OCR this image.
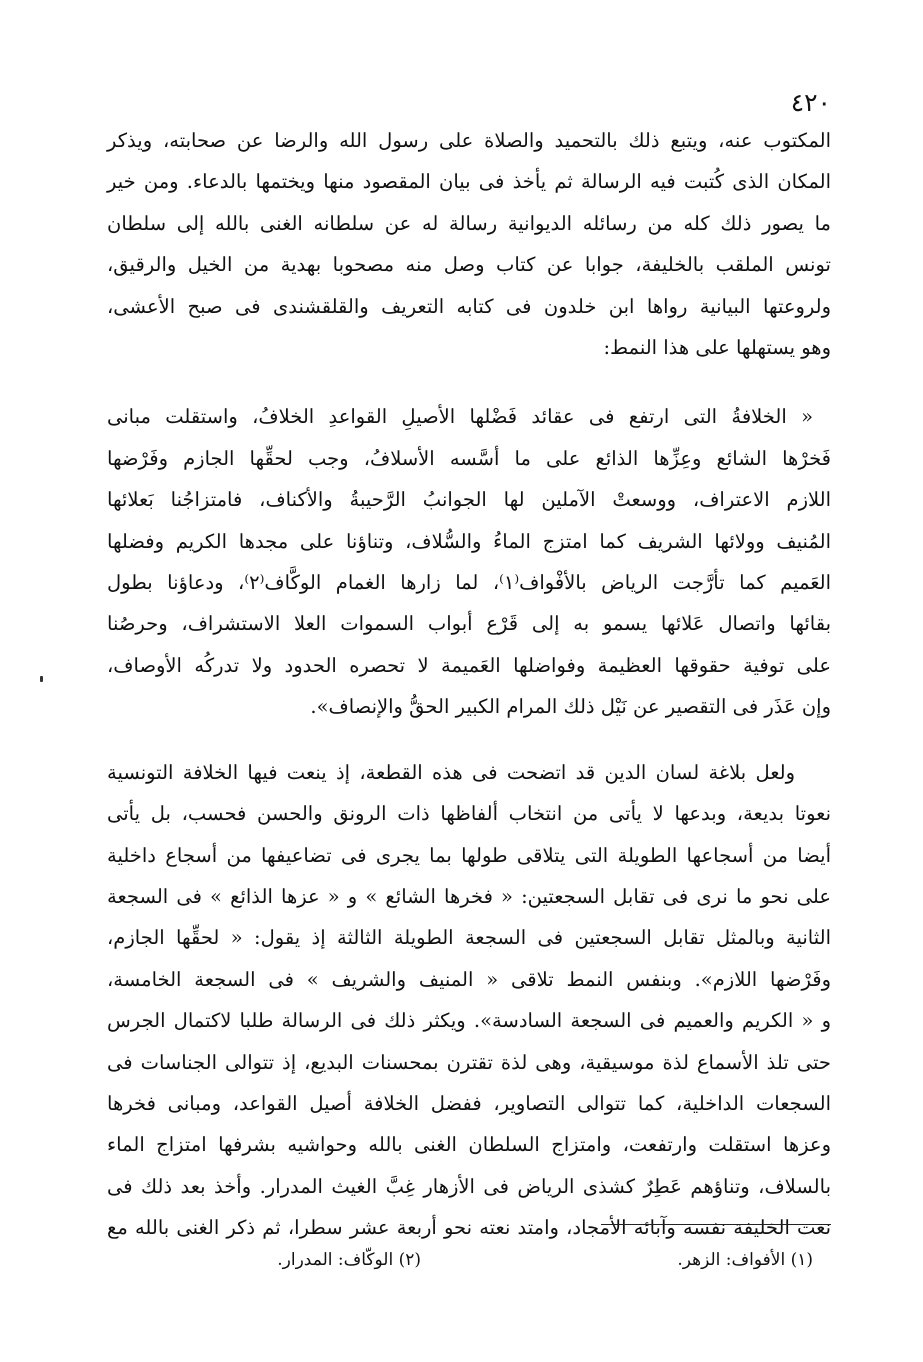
٤٢٠

المكتوب عنه، ويتبع ذلك بالتحميد والصلاة على رسول الله والرضا عن صحابته، ويذكر
المكان الذى كُتبت فيه الرسالة ثم يأخذ فى بيان المقصود منها ويختمها بالدعاء. ومن خير
ما يصور ذلك كله من رسائله الديوانية رسالة له عن سلطانه الغنى بالله إلى سلطان
تونس الملقب بالخليفة، جوابا عن كتاب وصل منه مصحوبا بهدية من الخيل والرقيق،
ولروعتها البيانية رواها ابن خلدون فى كتابه التعريف والقلقشندى فى صبح الأعشى،
وهو يستهلها على هذا النمط:

« الخلافةُ التى ارتفع فى عقائد فَضْلها الأصيلِ القواعدِ الخلافُ، واستقلت مبانى
فَخرْها الشائع وعِزِّها الذائع على ما أسَّسه الأسلافُ، وجب لحقِّها الجازم وفَرْضها
اللازم الاعتراف، ووسعتْ الآملين لها الجوانبُ الرَّحيبةُ والأكناف، فامتزاجُنا بَعلائها
المُنيف وولائها الشريف كما امتزج الماءُ والسُّلاف، وتناؤنا على مجدها الكريم وفضلها
العَميم كما تأرَّجت الرياض بالأفْواف⁽١⁾، لما زارها الغمام الوكَّاف⁽٢⁾، ودعاؤنا بطول
بقائها واتصال عَلائها يسمو به إلى قَرْع أبواب السموات العلا الاستشراف، وحرصُنا
على توفية حقوقها العظيمة وفواضلها العَميمة لا تحصره الحدود ولا تدركُه الأوصاف،
وإن عَذَر فى التقصير عن نَيْل ذلك المرام الكبير الحقُّ والإنصاف».

ولعل بلاغة لسان الدين قد اتضحت فى هذه القطعة، إذ ينعت فيها الخلافة التونسية
نعوتا بديعة، وبدعها لا يأتى من انتخاب ألفاظها ذات الرونق والحسن فحسب، بل يأتى
أيضا من أسجاعها الطويلة التى يتلاقى طولها بما يجرى فى تضاعيفها من أسجاع داخلية
على نحو ما نرى فى تقابل السجعتين: « فخرها الشائع » و « عزها الذائع » فى السجعة
الثانية وبالمثل تقابل السجعتين فى السجعة الطويلة الثالثة إذ يقول: « لحقِّها الجازم،
وفَرْضها اللازم». وبنفس النمط تلاقى « المنيف والشريف » فى السجعة الخامسة،
و « الكريم والعميم فى السجعة السادسة». ويكثر ذلك فى الرسالة طلبا لاكتمال الجرس
حتى تلذ الأسماع لذة موسيقية، وهى لذة تقترن بمحسنات البديع، إذ تتوالى الجناسات فى
السجعات الداخلية، كما تتوالى التصاوير، ففضل الخلافة أصيل القواعد، ومبانى فخرها
وعزها استقلت وارتفعت، وامتزاج السلطان الغنى بالله وحواشيه بشرفها امتزاج الماء
بالسلاف، وتناؤهم عَطِرٌ كشذى الرياض فى الأزهار غِبَّ الغيث المدرار. وأخذ بعد ذلك فى
نعت الخليفة نفسه وآبائه الأمجاد، وامتد نعته نحو أربعة عشر سطرا، ثم ذكر الغنى بالله مع

(١) الأفواف: الزهر.
(٢) الوكّاف: المدرار.
